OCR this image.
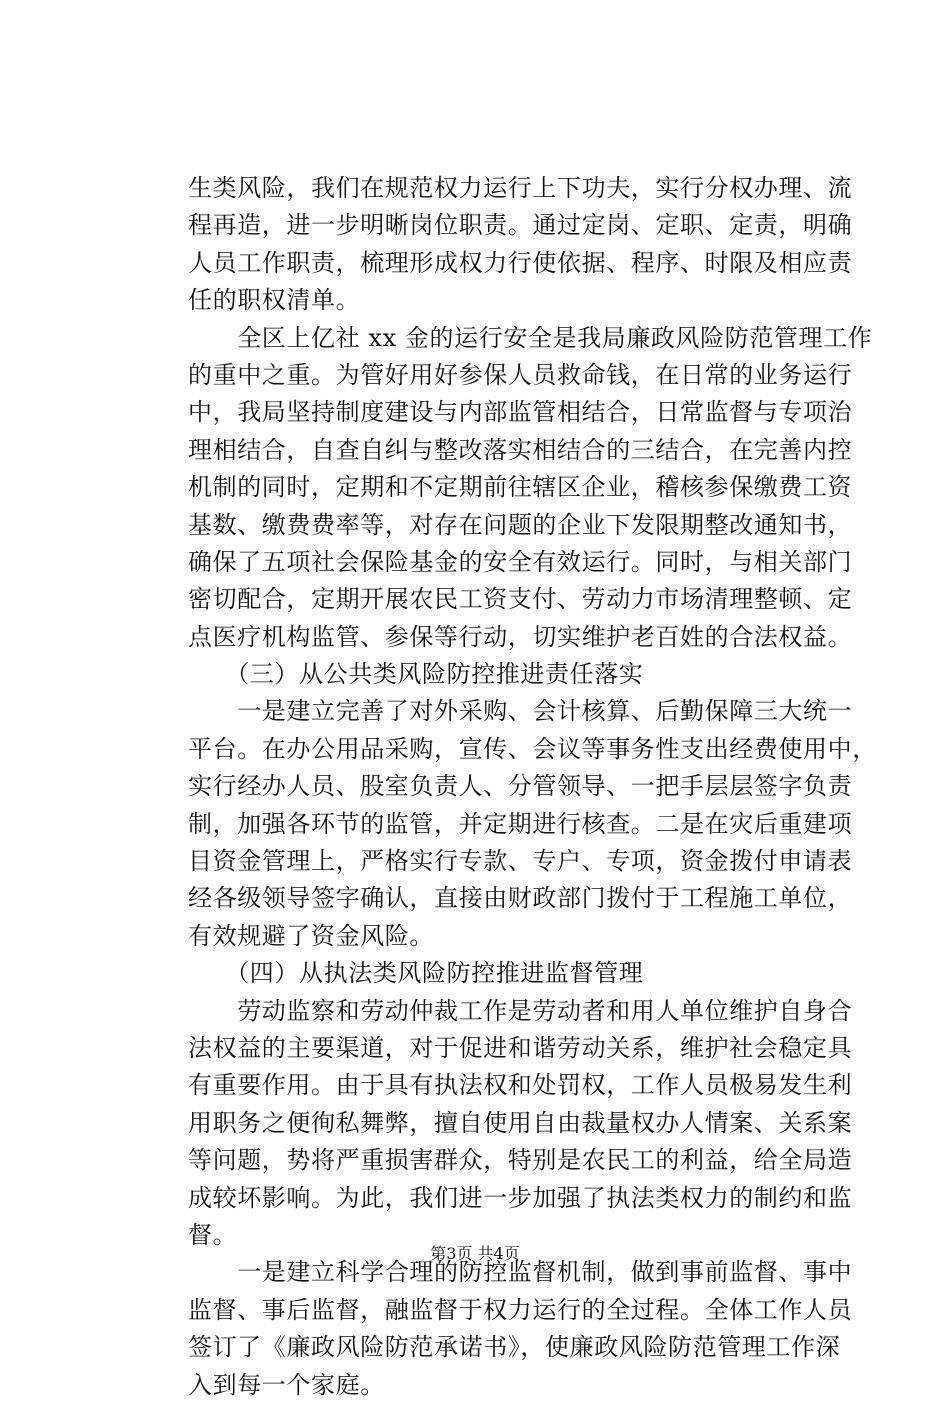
生类风险，我们在规范权力运行上下功夫，实行分权办理、流
程再造，进一步明晰岗位职责。通过定岗、定职、定责，明确
人员工作职责，梳理形成权力行使依据、程序、时限及相应责
任的职权清单。
　　全区上亿社 xx 金的运行安全是我局廉政风险防范管理工作
的重中之重。为管好用好参保人员救命钱，在日常的业务运行
中，我局坚持制度建设与内部监管相结合，日常监督与专项治
理相结合，自查自纠与整改落实相结合的三结合，在完善内控
机制的同时，定期和不定期前往辖区企业，稽核参保缴费工资
基数、缴费费率等，对存在问题的企业下发限期整改通知书，
确保了五项社会保险基金的安全有效运行。同时，与相关部门
密切配合，定期开展农民工资支付、劳动力市场清理整顿、定
点医疗机构监管、参保等行动，切实维护老百姓的合法权益。
　　（三）从公共类风险防控推进责任落实
　　一是建立完善了对外采购、会计核算、后勤保障三大统一
平台。在办公用品采购，宣传、会议等事务性支出经费使用中，
实行经办人员、股室负责人、分管领导、一把手层层签字负责
制，加强各环节的监管，并定期进行核查。二是在灾后重建项
目资金管理上，严格实行专款、专户、专项，资金拨付申请表
经各级领导签字确认，直接由财政部门拨付于工程施工单位，
有效规避了资金风险。
　　（四）从执法类风险防控推进监督管理
　　劳动监察和劳动仲裁工作是劳动者和用人单位维护自身合
法权益的主要渠道，对于促进和谐劳动关系，维护社会稳定具
有重要作用。由于具有执法权和处罚权，工作人员极易发生利
用职务之便徇私舞弊，擅自使用自由裁量权办人情案、关系案
等问题，势将严重损害群众，特别是农民工的利益，给全局造
成较坏影响。为此，我们进一步加强了执法类权力的制约和监
督。
　　一是建立科学合理的防控监督机制，做到事前监督、事中
监督、事后监督，融监督于权力运行的全过程。全体工作人员
签订了《廉政风险防范承诺书》，使廉政风险防范管理工作深
入到每一个家庭。
第3页 共4页
